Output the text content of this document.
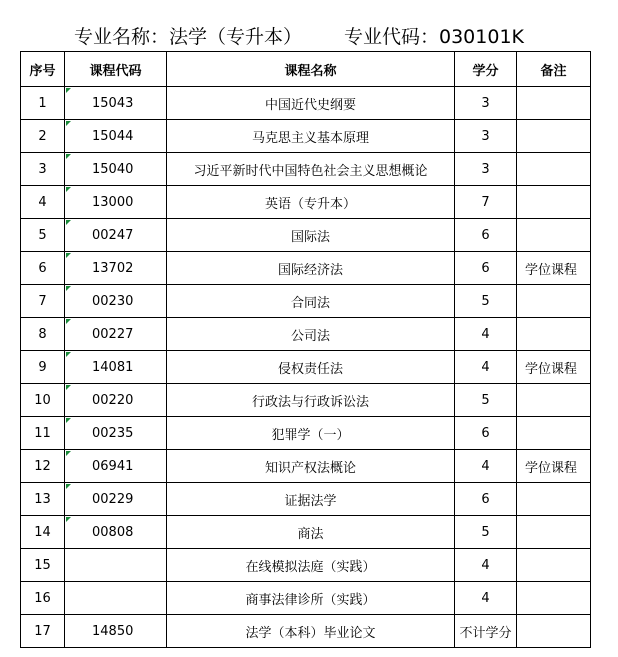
专业名称：法学（专升本） 专业代码：030101K
序号	课程代码	课程名称	学分	备注
1	15043	中国近代史纲要	3	
2	15044	马克思主义基本原理	3	
3	15040	习近平新时代中国特色社会主义思想概论	3	
4	13000	英语（专升本）	7	
5	00247	国际法	6	
6	13702	国际经济法	6	学位课程
7	00230	合同法	5	
8	00227	公司法	4	
9	14081	侵权责任法	4	学位课程
10	00220	行政法与行政诉讼法	5	
11	00235	犯罪学（一）	6	
12	06941	知识产权法概论	4	学位课程
13	00229	证据法学	6	
14	00808	商法	5	
15		在线模拟法庭（实践）	4	
16		商事法律诊所（实践）	4	
17	14850	法学（本科）毕业论文	不计学分	
